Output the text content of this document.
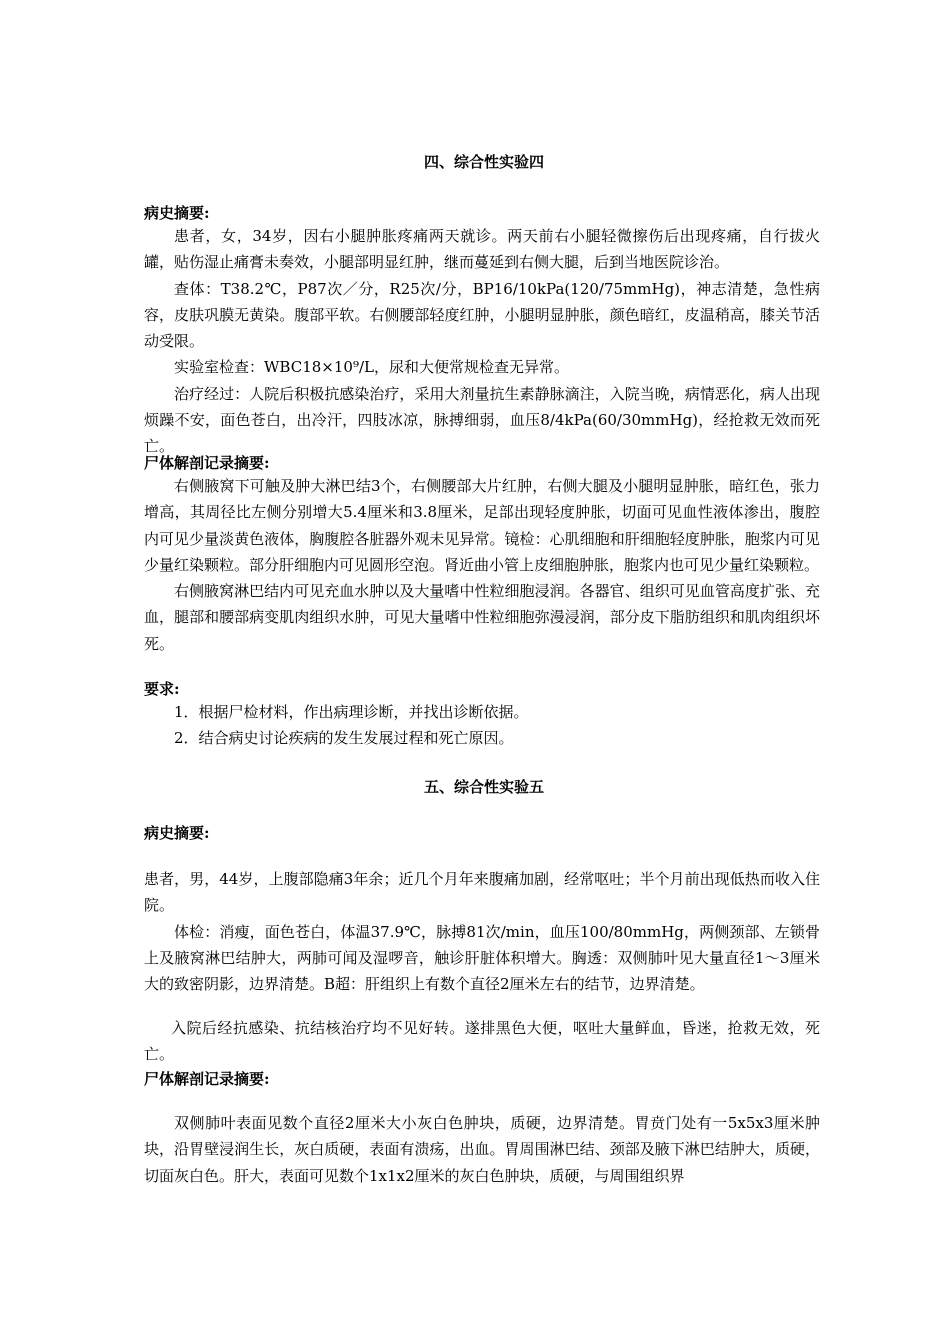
四、综合性实验四
病史摘要:

患者，女，34岁，因右小腿肿胀疼痛两天就诊。两天前右小腿轻微擦伤后出现疼痛，自行拔火罐，贴伤湿止痛膏未奏效，小腿部明显红肿，继而蔓延到右侧大腿，后到当地医院诊治。

查体：T38.2℃，P87次／分，R25次/分，BP16/10kPa(120/75mmHg)，神志清楚，急性病容，皮肤巩膜无黄染。腹部平软。右侧腰部轻度红肿，小腿明显肿胀，颜色暗红，皮温稍高，膝关节活动受限。

实验室检查：WBC18×10⁹/L，尿和大便常规检查无异常。

治疗经过：人院后积极抗感染治疗，采用大剂量抗生素静脉滴注，入院当晚，病情恶化，病人出现烦躁不安，面色苍白，出冷汗，四肢冰凉，脉搏细弱，血压8/4kPa(60/30mmHg)，经抢救无效而死亡。

尸体解剖记录摘要:

右侧腋窝下可触及肿大淋巴结3个，右侧腰部大片红肿，右侧大腿及小腿明显肿胀，暗红色，张力增高，其周径比左侧分别增大5.4厘米和3.8厘米，足部出现轻度肿胀，切面可见血性液体渗出，腹腔内可见少量淡黄色液体，胸腹腔各脏器外观未见异常。镜检：心肌细胞和肝细胞轻度肿胀，胞浆内可见少量红染颗粒。部分肝细胞内可见圆形空泡。肾近曲小管上皮细胞肿胀，胞浆内也可见少量红染颗粒。

右侧腋窝淋巴结内可见充血水肿以及大量嗜中性粒细胞浸润。各器官、组织可见血管高度扩张、充血，腿部和腰部病变肌肉组织水肿，可见大量嗜中性粒细胞弥漫浸润，部分皮下脂肪组织和肌肉组织坏死。

要求:

1．根据尸检材料，作出病理诊断，并找出诊断依据。

2．结合病史讨论疾病的发生发展过程和死亡原因。

五、综合性实验五
病史摘要:

患者，男，44岁，上腹部隐痛3年余；近几个月年来腹痛加剧，经常呕吐；半个月前出现低热而收入住院。

体检：消瘦，面色苍白，体温37.9℃，脉搏81次/min，血压100/80mmHg，两侧颈部、左锁骨上及腋窝淋巴结肿大，两肺可闻及湿啰音，触诊肝脏体积增大。胸透：双侧肺叶见大量直径1～3厘米大的致密阴影，边界清楚。B超：肝组织上有数个直径2厘米左右的结节，边界清楚。

入院后经抗感染、抗结核治疗均不见好转。遂排黑色大便，呕吐大量鲜血，昏迷，抢救无效，死亡。

尸体解剖记录摘要:

双侧肺叶表面见数个直径2厘米大小灰白色肿块，质硬，边界清楚。胃贲门处有一5x5x3厘米肿块，沿胃壁浸润生长，灰白质硬，表面有溃疡，出血。胃周围淋巴结、颈部及腋下淋巴结肿大，质硬，切面灰白色。肝大，表面可见数个1x1x2厘米的灰白色肿块，质硬，与周围组织界
